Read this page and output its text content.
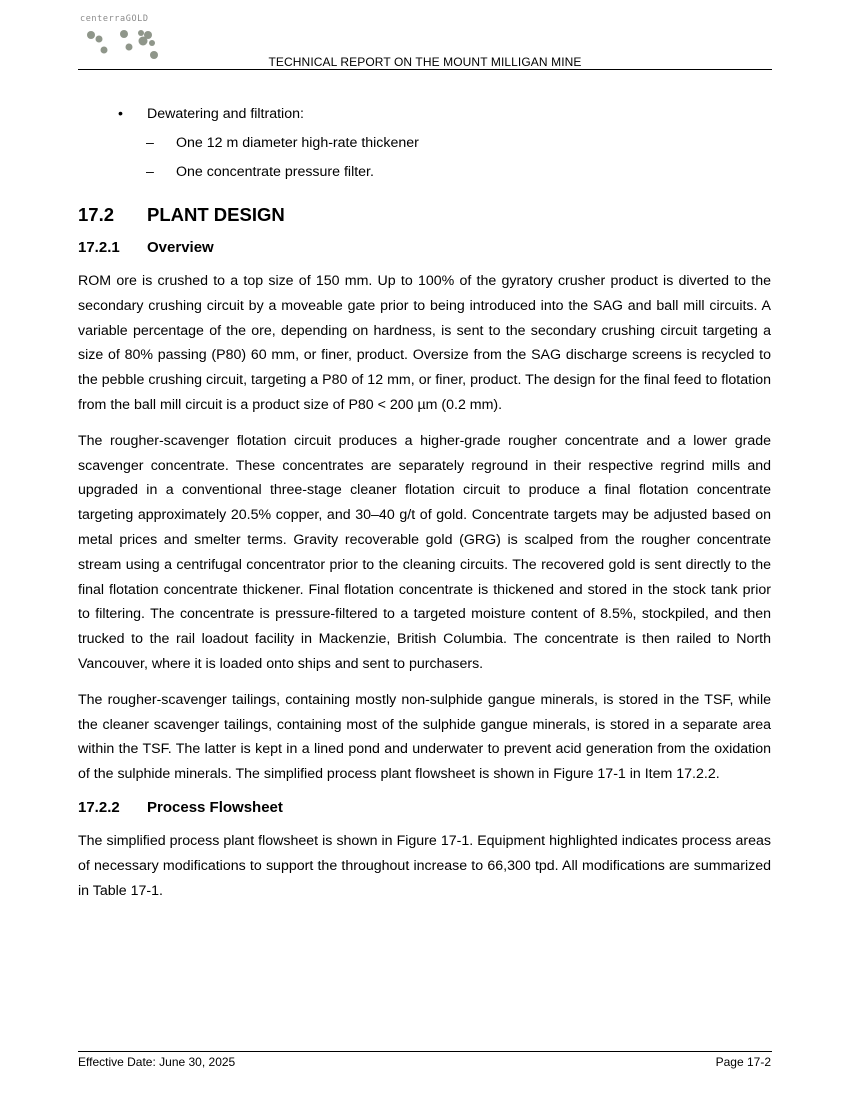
centerraGOLD
TECHNICAL REPORT ON THE MOUNT MILLIGAN MINE
• Dewatering and filtration:
– One 12 m diameter high-rate thickener
– One concentrate pressure filter.
17.2 PLANT DESIGN
17.2.1 Overview

ROM ore is crushed to a top size of 150 mm. Up to 100% of the gyratory crusher product is diverted to the secondary crushing circuit by a moveable gate prior to being introduced into the SAG and ball mill circuits. A variable percentage of the ore, depending on hardness, is sent to the secondary crushing circuit targeting a size of 80% passing (P80) 60 mm, or finer, product. Oversize from the SAG discharge screens is recycled to the pebble crushing circuit, targeting a P80 of 12 mm, or finer, product. The design for the final feed to flotation from the ball mill circuit is a product size of P80 < 200 µm (0.2 mm).

The rougher-scavenger flotation circuit produces a higher-grade rougher concentrate and a lower grade scavenger concentrate. These concentrates are separately reground in their respective regrind mills and upgraded in a conventional three-stage cleaner flotation circuit to produce a final flotation concentrate targeting approximately 20.5% copper, and 30–40 g/t of gold. Concentrate targets may be adjusted based on metal prices and smelter terms. Gravity recoverable gold (GRG) is scalped from the rougher concentrate stream using a centrifugal concentrator prior to the cleaning circuits. The recovered gold is sent directly to the final flotation concentrate thickener. Final flotation concentrate is thickened and stored in the stock tank prior to filtering. The concentrate is pressure-filtered to a targeted moisture content of 8.5%, stockpiled, and then trucked to the rail loadout facility in Mackenzie, British Columbia. The concentrate is then railed to North Vancouver, where it is loaded onto ships and sent to purchasers.

The rougher-scavenger tailings, containing mostly non-sulphide gangue minerals, is stored in the TSF, while the cleaner scavenger tailings, containing most of the sulphide gangue minerals, is stored in a separate area within the TSF. The latter is kept in a lined pond and underwater to prevent acid generation from the oxidation of the sulphide minerals. The simplified process plant flowsheet is shown in Figure 17-1 in Item 17.2.2.

17.2.2 Process Flowsheet

The simplified process plant flowsheet is shown in Figure 17-1. Equipment highlighted indicates process areas of necessary modifications to support the throughout increase to 66,300 tpd. All modifications are summarized in Table 17-1.

Effective Date: June 30, 2025	Page 17-2
